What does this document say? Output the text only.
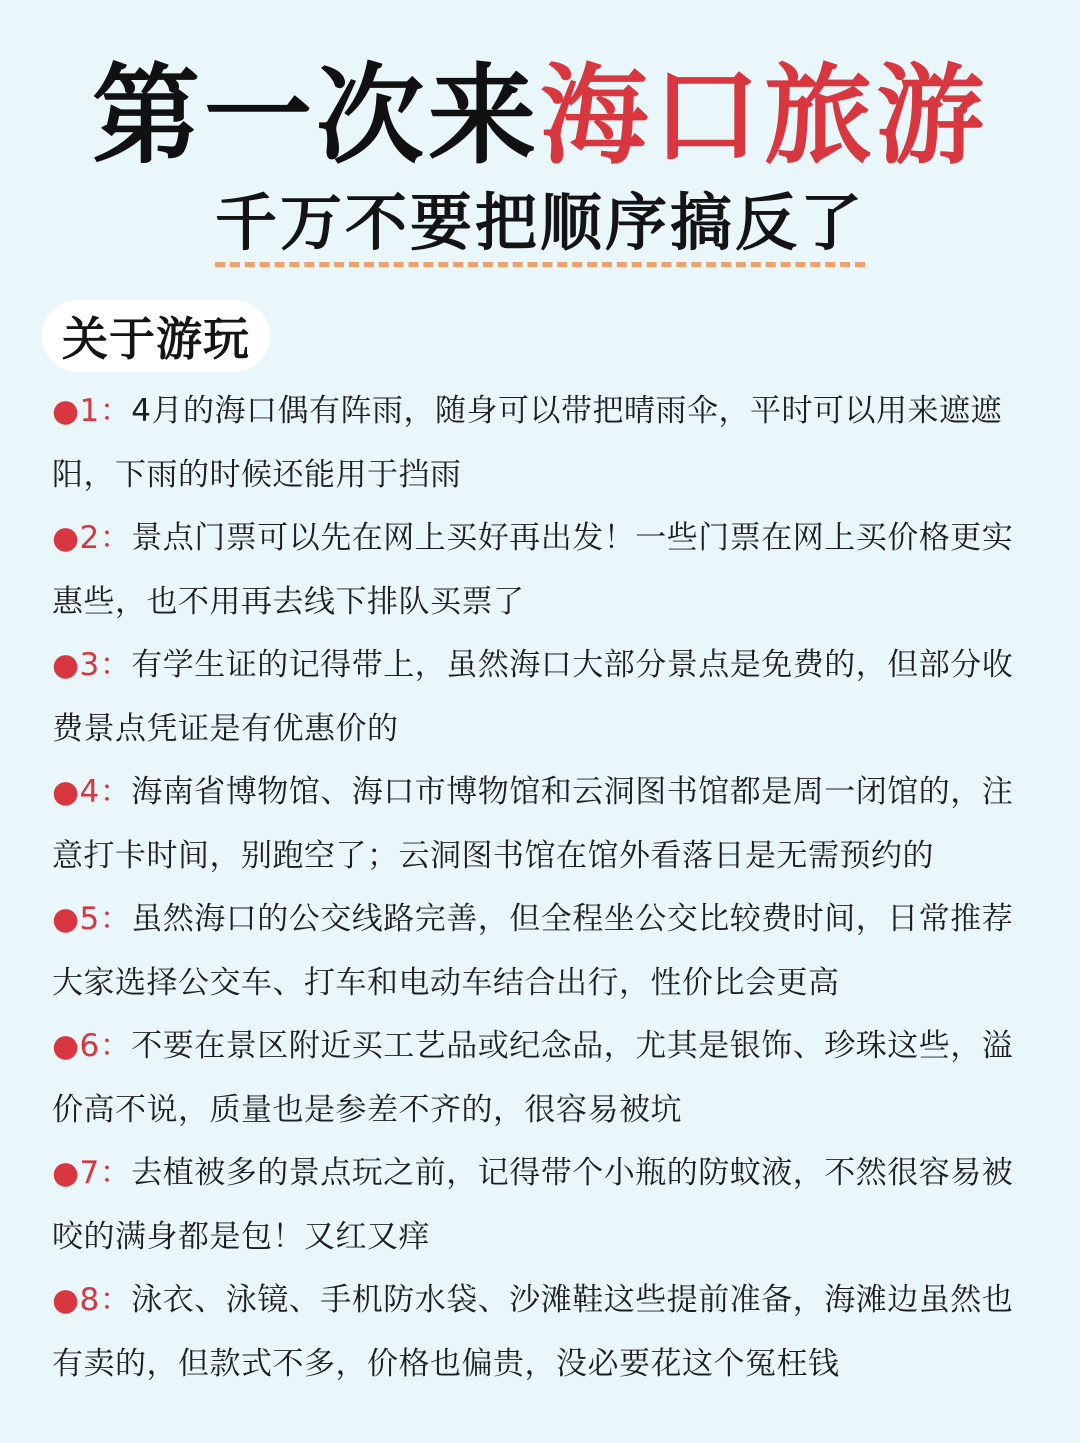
第一次来海口旅游
千万不要把顺序搞反了
关于游玩
●1：4月的海口偶有阵雨，随身可以带把晴雨伞，平时可以用来遮遮阳，下雨的时候还能用于挡雨
●2：景点门票可以先在网上买好再出发！一些门票在网上买价格更实惠些，也不用再去线下排队买票了
●3：有学生证的记得带上，虽然海口大部分景点是免费的，但部分收费景点凭证是有优惠价的
●4：海南省博物馆、海口市博物馆和云洞图书馆都是周一闭馆的，注意打卡时间，别跑空了；云洞图书馆在馆外看落日是无需预约的
●5：虽然海口的公交线路完善，但全程坐公交比较费时间，日常推荐大家选择公交车、打车和电动车结合出行，性价比会更高
●6：不要在景区附近买工艺品或纪念品，尤其是银饰、珍珠这些，溢价高不说，质量也是参差不齐的，很容易被坑
●7：去植被多的景点玩之前，记得带个小瓶的防蚊液，不然很容易被咬的满身都是包！又红又痒
●8：泳衣、泳镜、手机防水袋、沙滩鞋这些提前准备，海滩边虽然也有卖的，但款式不多，价格也偏贵，没必要花这个冤枉钱
